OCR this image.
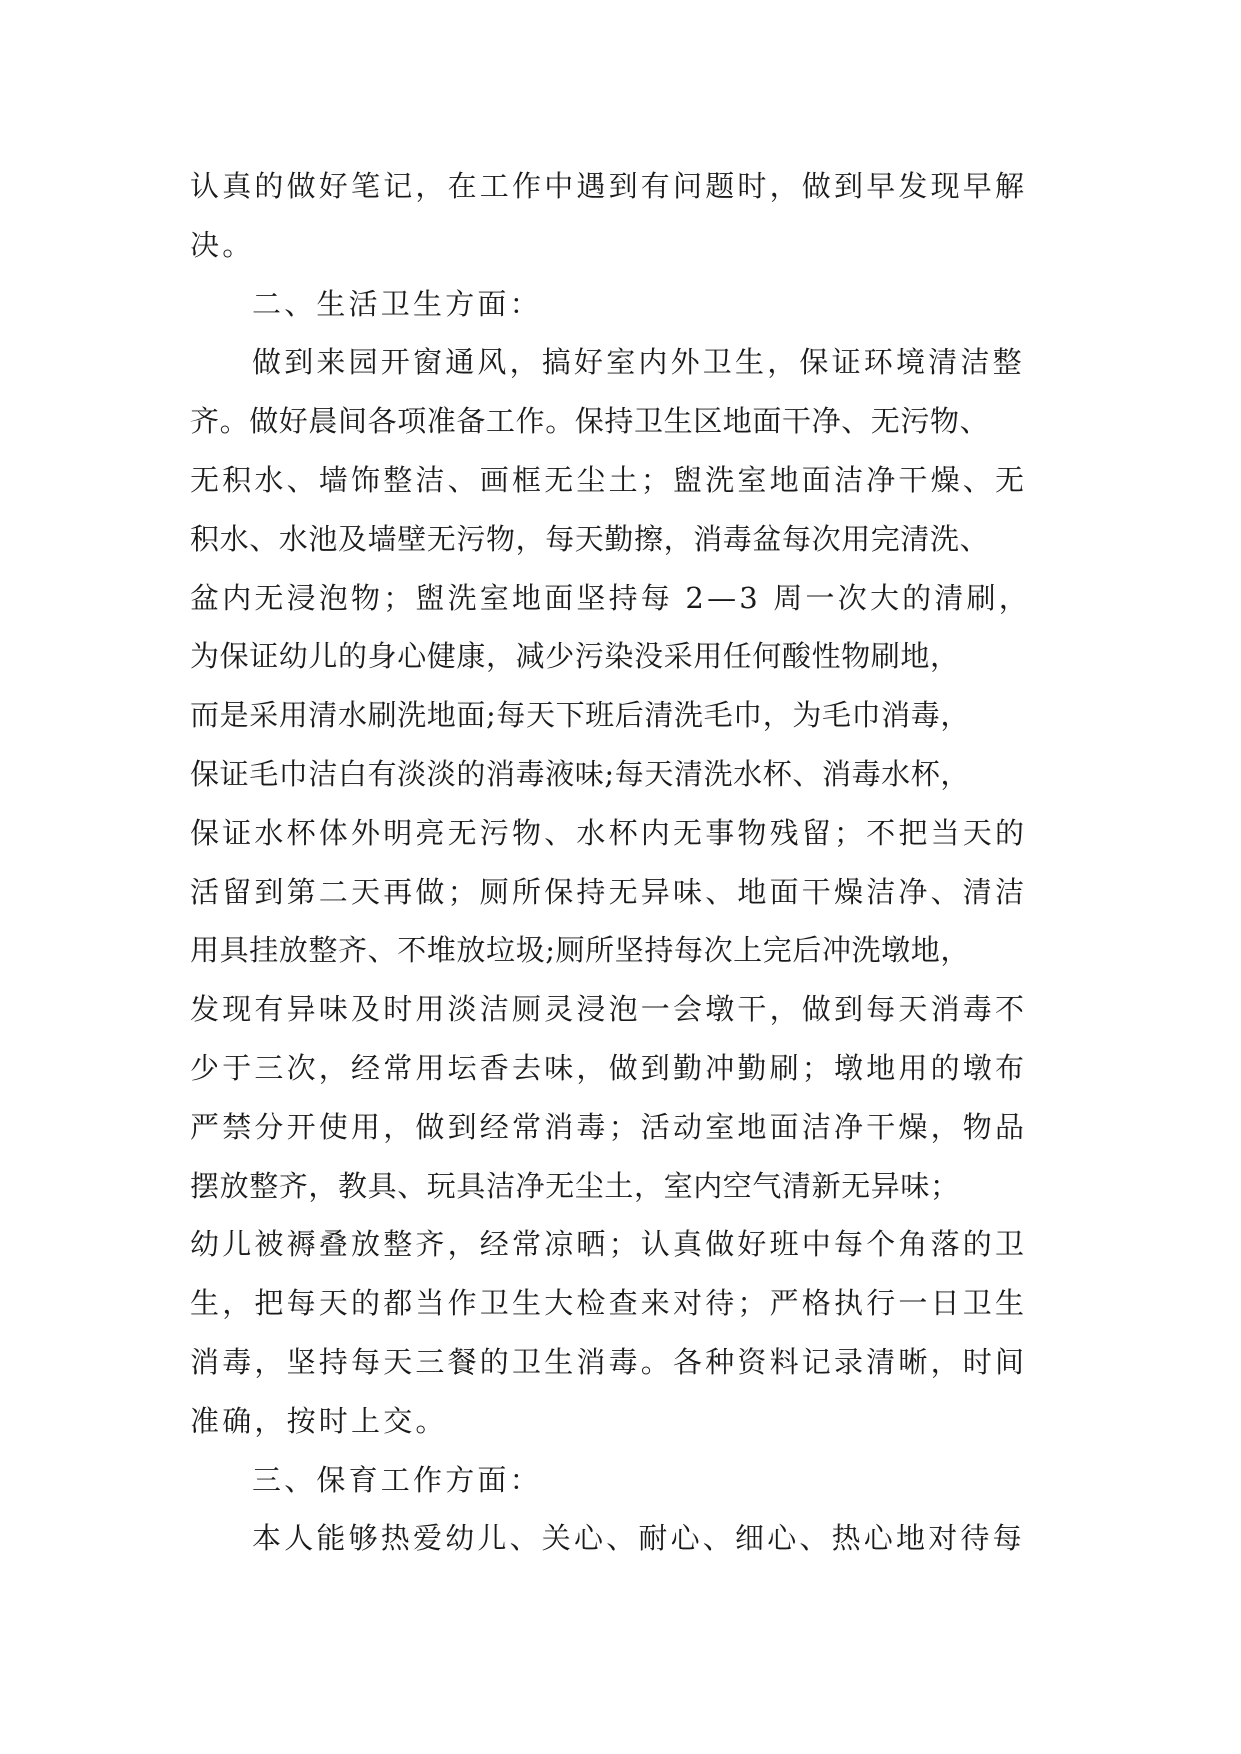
认真的做好笔记，在工作中遇到有问题时，做到早发现早解
决。
二、生活卫生方面：
做到来园开窗通风，搞好室内外卫生，保证环境清洁整
齐。做好晨间各项准备工作。保持卫生区地面干净、无污物、
无积水、墙饰整洁、画框无尘土；盥洗室地面洁净干燥、无
积水、水池及墙壁无污物，每天勤擦，消毒盆每次用完清洗、
盆内无浸泡物；盥洗室地面坚持每 2—3 周一次大的清刷，
为保证幼儿的身心健康，减少污染没采用任何酸性物刷地，
而是采用清水刷洗地面;每天下班后清洗毛巾，为毛巾消毒，
保证毛巾洁白有淡淡的消毒液味;每天清洗水杯、消毒水杯，
保证水杯体外明亮无污物、水杯内无事物残留；不把当天的
活留到第二天再做；厕所保持无异味、地面干燥洁净、清洁
用具挂放整齐、不堆放垃圾;厕所坚持每次上完后冲洗墩地，
发现有异味及时用淡洁厕灵浸泡一会墩干，做到每天消毒不
少于三次，经常用坛香去味，做到勤冲勤刷；墩地用的墩布
严禁分开使用，做到经常消毒；活动室地面洁净干燥，物品
摆放整齐，教具、玩具洁净无尘土，室内空气清新无异味；
幼儿被褥叠放整齐，经常凉晒；认真做好班中每个角落的卫
生，把每天的都当作卫生大检查来对待；严格执行一日卫生
消毒，坚持每天三餐的卫生消毒。各种资料记录清晰，时间
准确，按时上交。
三、保育工作方面：
本人能够热爱幼儿、关心、耐心、细心、热心地对待每
